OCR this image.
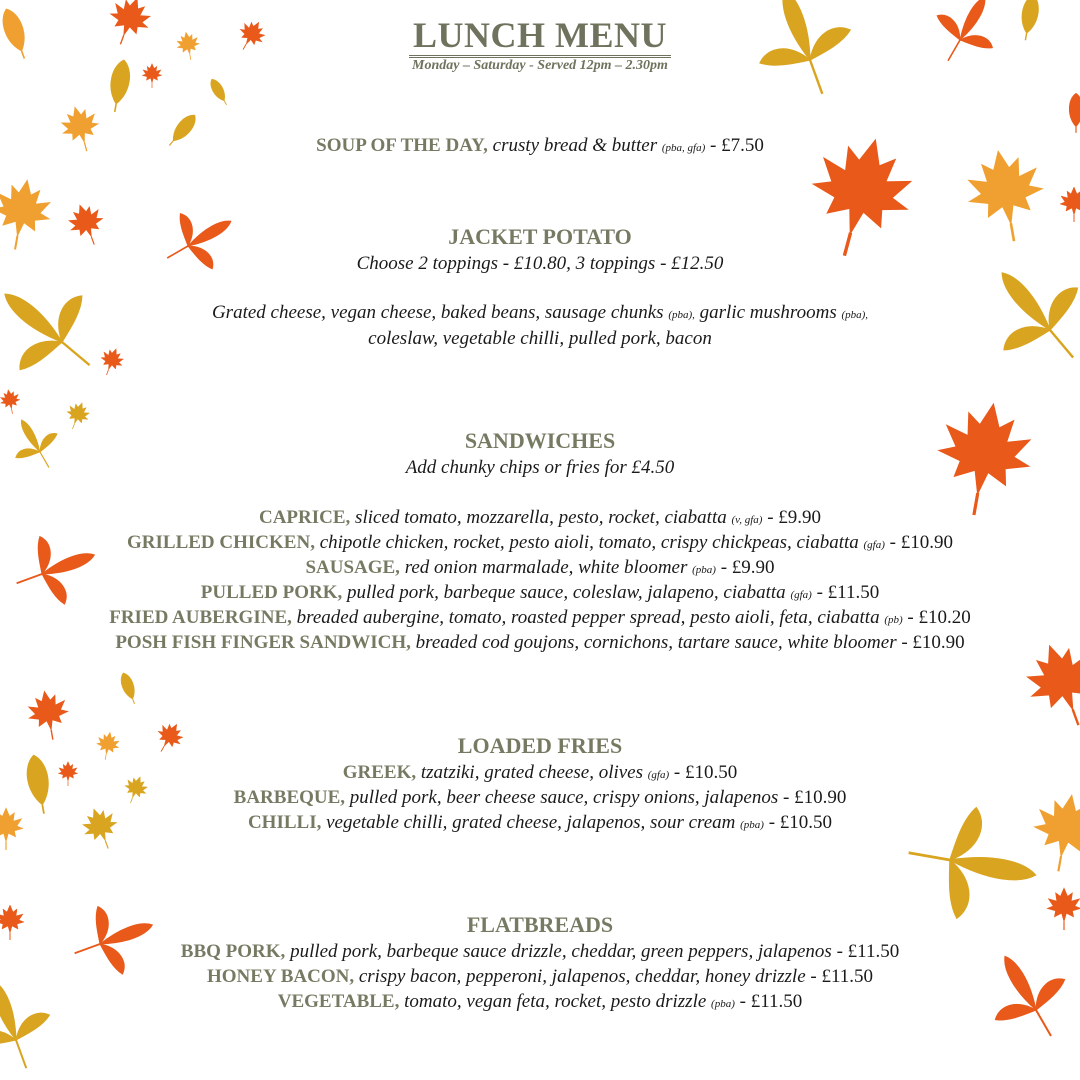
LUNCH MENU
Monday – Saturday - Served 12pm – 2.30pm
SOUP OF THE DAY, crusty bread & butter (pba, gfa) - £7.50
JACKET POTATO
Choose 2 toppings - £10.80, 3 toppings - £12.50
Grated cheese, vegan cheese, baked beans, sausage chunks (pba), garlic mushrooms (pba),
coleslaw, vegetable chilli, pulled pork, bacon
SANDWICHES
Add chunky chips or fries for £4.50
CAPRICE, sliced tomato, mozzarella, pesto, rocket, ciabatta (v, gfa) - £9.90
GRILLED CHICKEN, chipotle chicken, rocket, pesto aioli, tomato, crispy chickpeas, ciabatta (gfa) - £10.90
SAUSAGE, red onion marmalade, white bloomer (pba) - £9.90
PULLED PORK, pulled pork, barbeque sauce, coleslaw, jalapeno, ciabatta (gfa) - £11.50
FRIED AUBERGINE, breaded aubergine, tomato, roasted pepper spread, pesto aioli, feta, ciabatta (pb) - £10.20
POSH FISH FINGER SANDWICH, breaded cod goujons, cornichons, tartare sauce, white bloomer - £10.90
LOADED FRIES
GREEK, tzatziki, grated cheese, olives (gfa) - £10.50
BARBEQUE, pulled pork, beer cheese sauce, crispy onions, jalapenos - £10.90
CHILLI, vegetable chilli, grated cheese, jalapenos, sour cream (pba) - £10.50
FLATBREADS
BBQ PORK, pulled pork, barbeque sauce drizzle, cheddar, green peppers, jalapenos - £11.50
HONEY BACON, crispy bacon, pepperoni, jalapenos, cheddar, honey drizzle - £11.50
VEGETABLE, tomato, vegan feta, rocket, pesto drizzle (pba) - £11.50
